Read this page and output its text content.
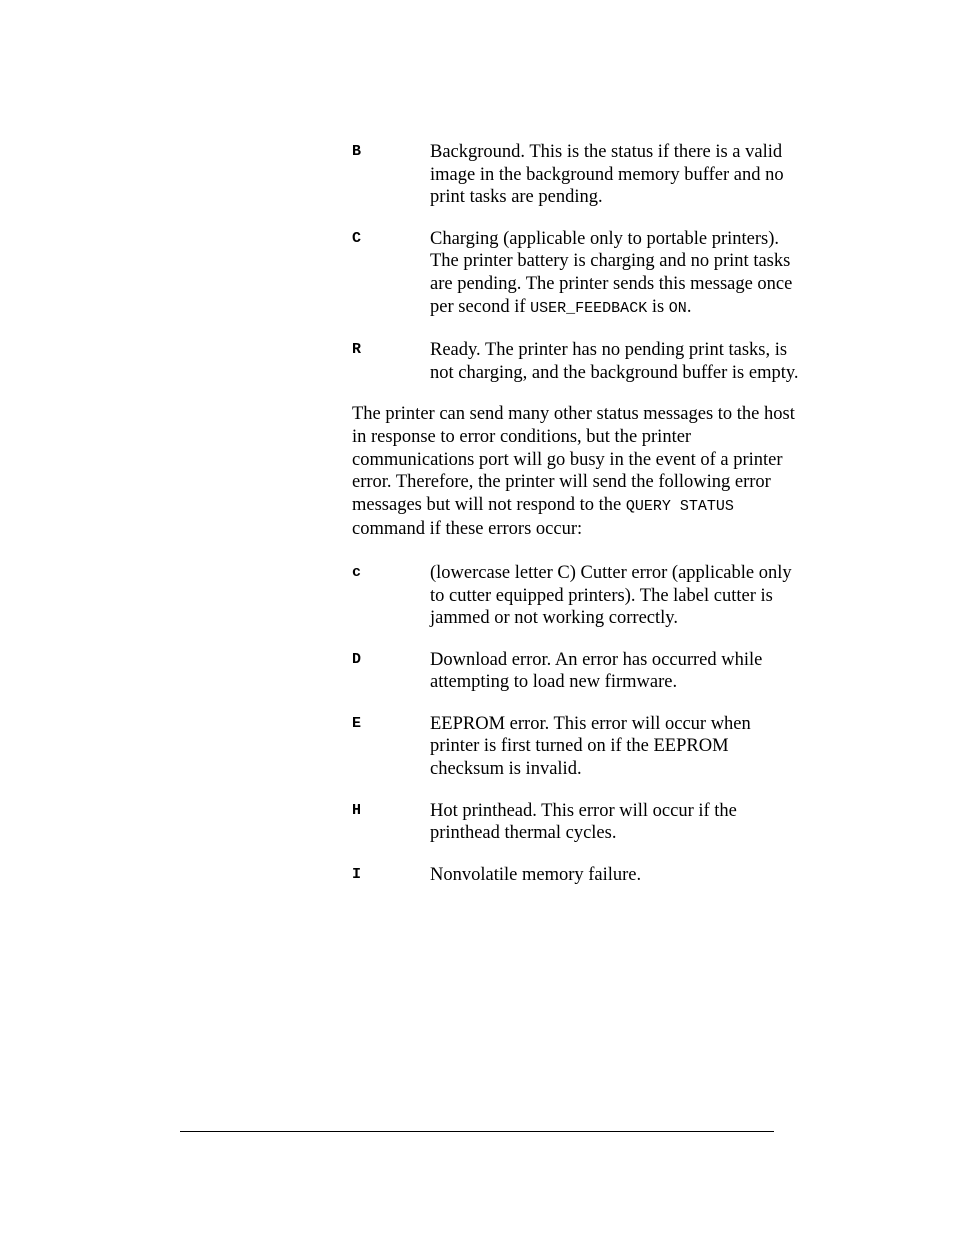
B	Background. This is the status if there is a valid image in the background memory buffer and no print tasks are pending.
C	Charging (applicable only to portable printers). The printer battery is charging and no print tasks are pending. The printer sends this message once per second if USER_FEEDBACK is ON.
R	Ready. The printer has no pending print tasks, is not charging, and the background buffer is empty.

The printer can send many other status messages to the host in response to error conditions, but the printer communications port will go busy in the event of a printer error. Therefore, the printer will send the following error messages but will not respond to the QUERY STATUS command if these errors occur:

c	(lowercase letter C) Cutter error (applicable only to cutter equipped printers). The label cutter is jammed or not working correctly.
D	Download error. An error has occurred while attempting to load new firmware.
E	EEPROM error. This error will occur when printer is first turned on if the EEPROM checksum is invalid.
H	Hot printhead. This error will occur if the printhead thermal cycles.
I	Nonvolatile memory failure.
